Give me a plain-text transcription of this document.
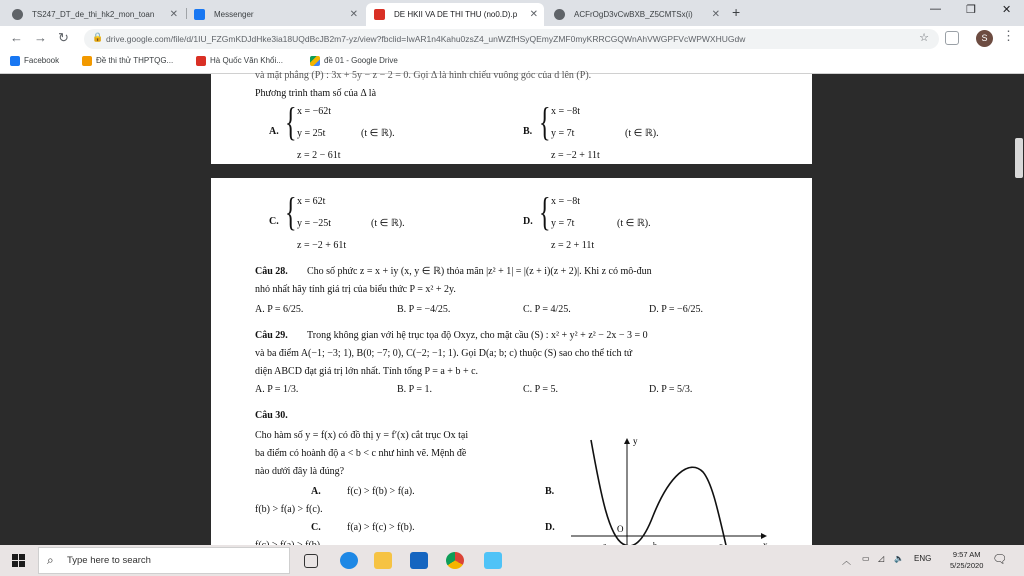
TS247_DT_de_thi_hk2_mon_toan ✕	Messenger	✕	DE HKII VA DE THI THU (no0.D).p ✕	ACFrOgD3vCwBXB_Z5CMTSx(i) ✕ +	— ❐ ✕
← → ↻	🔒 drive.google.com/file/d/1IU_FZGmKDJdHke3ia18UQdBcJB2m7-yz/view?fbclid=IwAR1n4Kahu0zsZ4_unWZfHSyQEmyZMF0myKRRCGQWnAhVWGPFVcWPWXHUGdw	☆	S	⋮
Facebook	Đề thi thử THPTQG...	Hà Quốc Văn Khổi...	đề 01 - Google Drive
và mặt phẳng (P) : 3x + 5y − z − 2 = 0. Gọi Δ là hình chiếu vuông góc của d lên (P).
Phương trình tham số của Δ là
A. { x = −62t
y = 25t
z = 2 − 61t
(t ∈ ℝ).	B. { x = −8t
y = 7t
z = −2 + 11t
(t ∈ ℝ).
C. { x = 62t
y = −25t
z = −2 + 61t
(t ∈ ℝ).	D. { x = −8t
y = 7t
z = 2 + 11t
(t ∈ ℝ).
Câu 28. Cho số phức z = x + iy (x, y ∈ ℝ) thỏa mãn |z² + 1| = |(z + i)(z + 2)|. Khi z có mô-đun
nhỏ nhất hãy tính giá trị của biểu thức P = x² + 2y.
A. P = 6/25.	B. P = −4/25.	C. P = 4/25.	D. P = −6/25.
Câu 29. Trong không gian với hệ trục tọa độ Oxyz, cho mặt cầu (S) : x² + y² + z² − 2x − 3 = 0
và ba điểm A(−1; −3; 1), B(0; −7; 0), C(−2; −1; 1). Gọi D(a; b; c) thuộc (S) sao cho thể tích tứ
diện ABCD đạt giá trị lớn nhất. Tính tổng P = a + b + c.
A. P = 1/3.	B. P = 1.	C. P = 5.	D. P = 5/3.
Câu 30.
Cho hàm số y = f(x) có đồ thị y = f′(x) cắt trục Ox tại
ba điểm có hoành độ a < b < c như hình vẽ. Mệnh đề
nào dưới đây là đúng?
A.	f(c) > f(b) > f(a).	B.
f(b) > f(a) > f(c).
C.	f(a) > f(c) > f(b).	D.
y
O
⌕ Type here to search	︿ ▭ ◿ 🔈 ENG	9:57 AM
5/25/2020 🗨
